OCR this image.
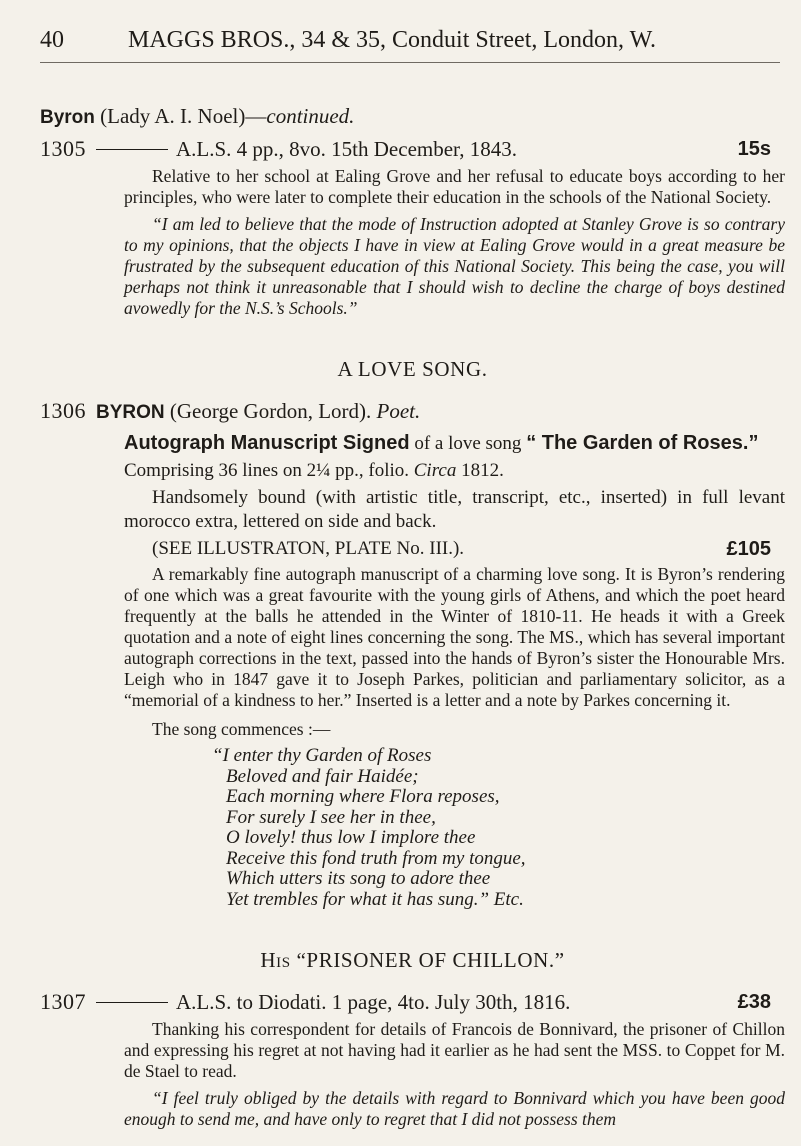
40	MAGGS BROS., 34 & 35, Conduit Street, London, W.
Byron (Lady A. I. Noel)—continued.
1305	A.L.S. 4 pp., 8vo. 15th December, 1843.	15s

Relative to her school at Ealing Grove and her refusal to educate boys according to her principles, who were later to complete their education in the schools of the National Society.

“I am led to believe that the mode of Instruction adopted at Stanley Grove is so contrary to my opinions, that the objects I have in view at Ealing Grove would in a great measure be frustrated by the subsequent education of this National Society. This being the case, you will perhaps not think it unreasonable that I should wish to decline the charge of boys destined avowedly for the N.S.’s Schools.”

A LOVE SONG.
1306 BYRON (George Gordon, Lord). Poet.
Autograph Manuscript Signed of a love song “ The Garden of Roses.” Comprising 36 lines on 2¼ pp., folio. Circa 1812.

Handsomely bound (with artistic title, transcript, etc., inserted) in full levant morocco extra, lettered on side and back.

(SEE ILLUSTRATON, PLATE No. III.).	£105

A remarkably fine autograph manuscript of a charming love song. It is Byron’s rendering of one which was a great favourite with the young girls of Athens, and which the poet heard frequently at the balls he attended in the Winter of 1810-11. He heads it with a Greek quotation and a note of eight lines concerning the song. The MS., which has several important autograph corrections in the text, passed into the hands of Byron’s sister the Honourable Mrs. Leigh who in 1847 gave it to Joseph Parkes, politician and parliamentary solicitor, as a “memorial of a kindness to her.” Inserted is a letter and a note by Parkes concerning it.

The song commences :—

“I enter thy Garden of Roses
Beloved and fair Haidée;
Each morning where Flora reposes,
For surely I see her in thee,
O lovely! thus low I implore thee
Receive this fond truth from my tongue,
Which utters its song to adore thee
Yet trembles for what it has sung.” Etc.
His “PRISONER OF CHILLON.”
1307	A.L.S. to Diodati. 1 page, 4to. July 30th, 1816.	£38

Thanking his correspondent for details of Francois de Bonnivard, the prisoner of Chillon and expressing his regret at not having had it earlier as he had sent the MSS. to Coppet for M. de Stael to read.

“I feel truly obliged by the details with regard to Bonnivard which you have been good enough to send me, and have only to regret that I did not possess them
